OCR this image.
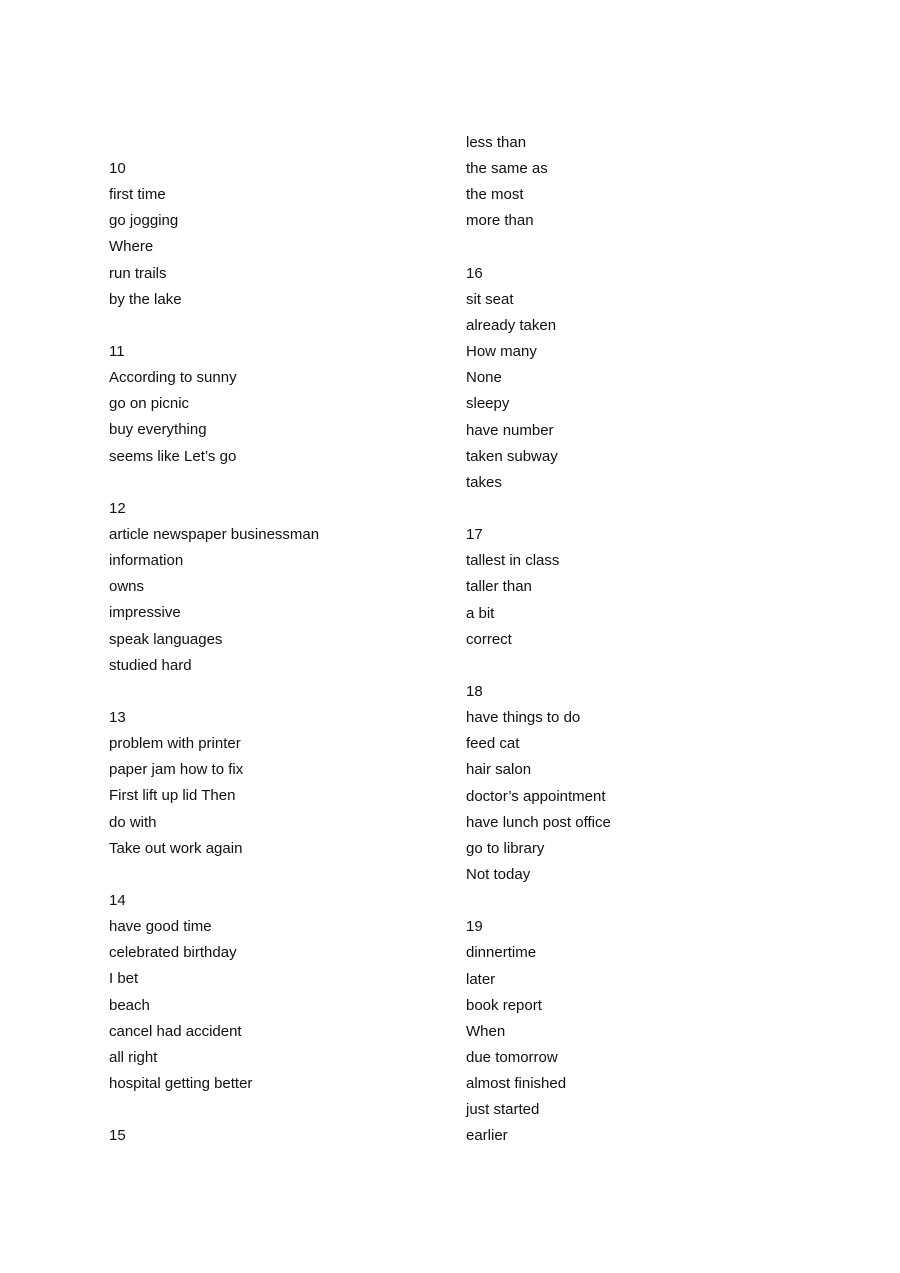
10
first time
go jogging
Where
run trails
by the lake
11
According to sunny
go on picnic
buy everything
seems like Let’s go
12
article newspaper businessman
information
owns
impressive
speak languages
studied hard
13
problem with printer
paper jam how to fix
First lift up lid Then
do with
Take out work again
14
have good time
celebrated birthday
I bet
beach
cancel had accident
all right
hospital getting better
15
less than
the same as
the most
more than
16
sit seat
already taken
How many
None
sleepy
have number
taken subway
takes
17
tallest in class
taller than
a bit
correct
18
have things to do
feed cat
hair salon
doctor’s appointment
have lunch post office
go to library
Not today
19
dinnertime
later
book report
When
due tomorrow
almost finished
just started
earlier
